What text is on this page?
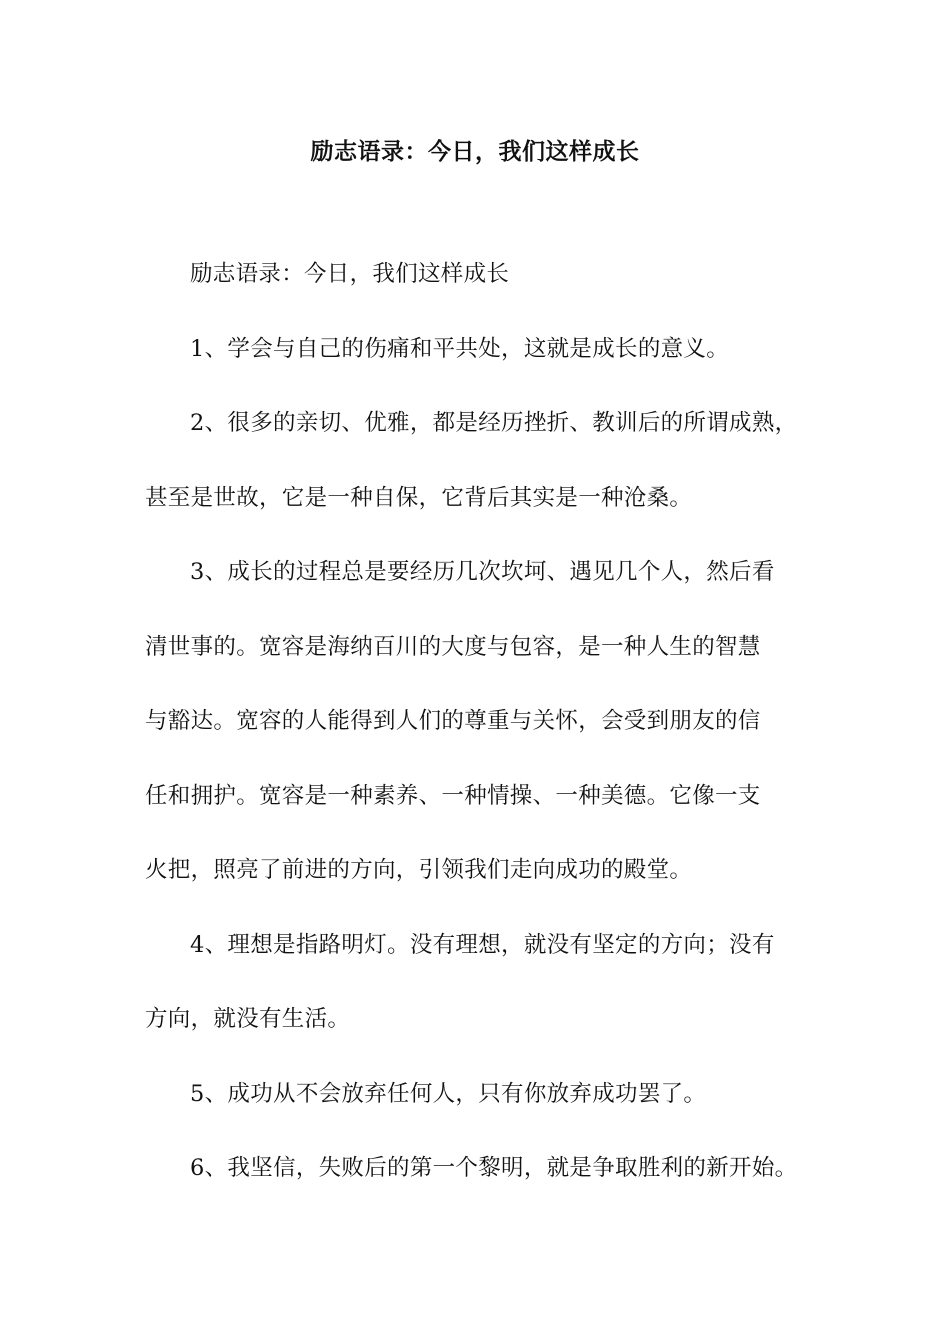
励志语录：今日，我们这样成长

励志语录：今日，我们这样成长

1、学会与自己的伤痛和平共处，这就是成长的意义。

2、很多的亲切、优雅，都是经历挫折、教训后的所谓成熟，

甚至是世故，它是一种自保，它背后其实是一种沧桑。

3、成长的过程总是要经历几次坎坷、遇见几个人，然后看

清世事的。宽容是海纳百川的大度与包容，是一种人生的智慧

与豁达。宽容的人能得到人们的尊重与关怀，会受到朋友的信

任和拥护。宽容是一种素养、一种情操、一种美德。它像一支

火把，照亮了前进的方向，引领我们走向成功的殿堂。

4、理想是指路明灯。没有理想，就没有坚定的方向；没有

方向，就没有生活。

5、成功从不会放弃任何人，只有你放弃成功罢了。

6、我坚信，失败后的第一个黎明，就是争取胜利的新开始。
